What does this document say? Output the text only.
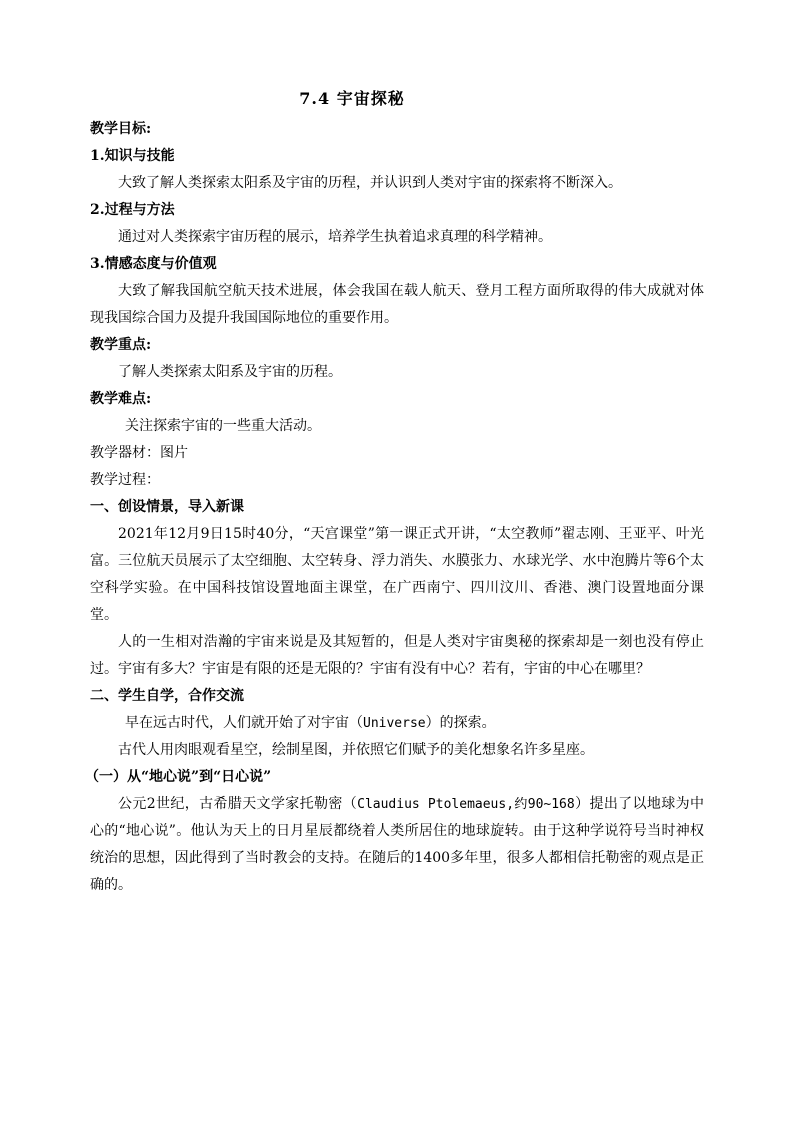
7.4 宇宙探秘

教学目标:

1.知识与技能

大致了解人类探索太阳系及宇宙的历程，并认识到人类对宇宙的探索将不断深入。

2.过程与方法

通过对人类探索宇宙历程的展示，培养学生执着追求真理的科学精神。

3.情感态度与价值观

大致了解我国航空航天技术进展，体会我国在载人航天、登月工程方面所取得的伟大成就对体现我国综合国力及提升我国国际地位的重要作用。

教学重点:

了解人类探索太阳系及宇宙的历程。

教学难点:

关注探索宇宙的一些重大活动。

教学器材：图片

教学过程：

一、创设情景，导入新课

2021年12月9日15时40分，“天宫课堂”第一课正式开讲，“太空教师”翟志刚、王亚平、叶光富。三位航天员展示了太空细胞、太空转身、浮力消失、水膜张力、水球光学、水中泡腾片等6个太空科学实验。在中国科技馆设置地面主课堂，在广西南宁、四川汶川、香港、澳门设置地面分课堂。

人的一生相对浩瀚的宇宙来说是及其短暂的，但是人类对宇宙奥秘的探索却是一刻也没有停止过。宇宙有多大？宇宙是有限的还是无限的？宇宙有没有中心？若有，宇宙的中心在哪里？

二、学生自学，合作交流

早在远古时代，人们就开始了对宇宙（Universe）的探索。

古代人用肉眼观看星空，绘制星图，并依照它们赋予的美化想象名许多星座。

（一）从“地心说”到“日心说”

公元2世纪，古希腊天文学家托勒密（Claudius Ptolemaeus,约90~168）提出了以地球为中心的“地心说”。他认为天上的日月星辰都绕着人类所居住的地球旋转。由于这种学说符号当时神权统治的思想，因此得到了当时教会的支持。在随后的1400多年里，很多人都相信托勒密的观点是正确的。
